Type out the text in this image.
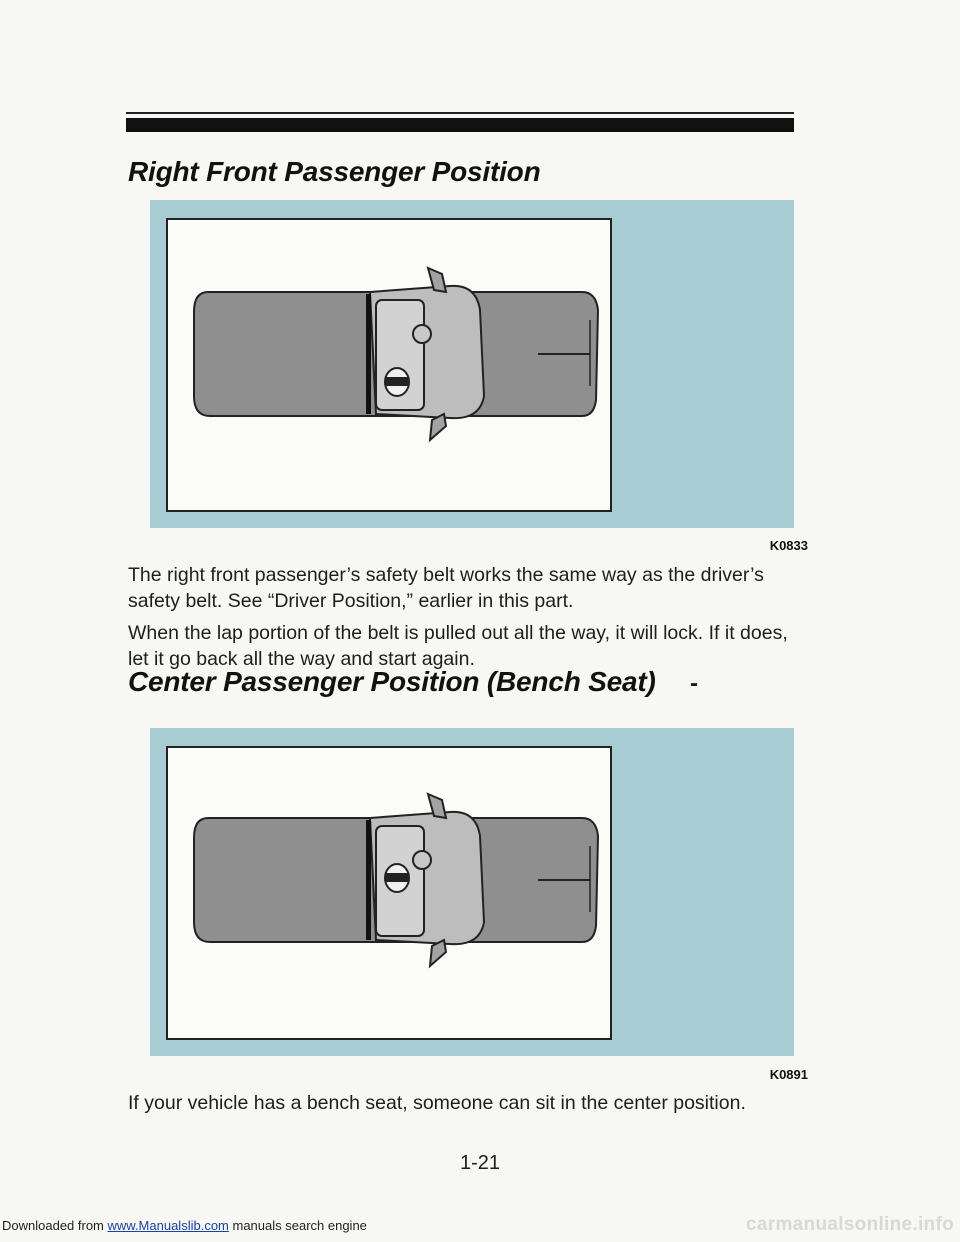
Right Front Passenger Position
K0833

The right front passenger’s safety belt works the same way as the driver’s safety belt. See “Driver Position,” earlier in this part.

When the lap portion of the belt is pulled out all the way, it will lock. If it does, let it go back all the way and start again.

Center Passenger Position (Bench Seat) -
K0891

If your vehicle has a bench seat, someone can sit in the center position.

1-21
Downloaded from www.Manualslib.com manuals search engine	carmanualsonline.info
